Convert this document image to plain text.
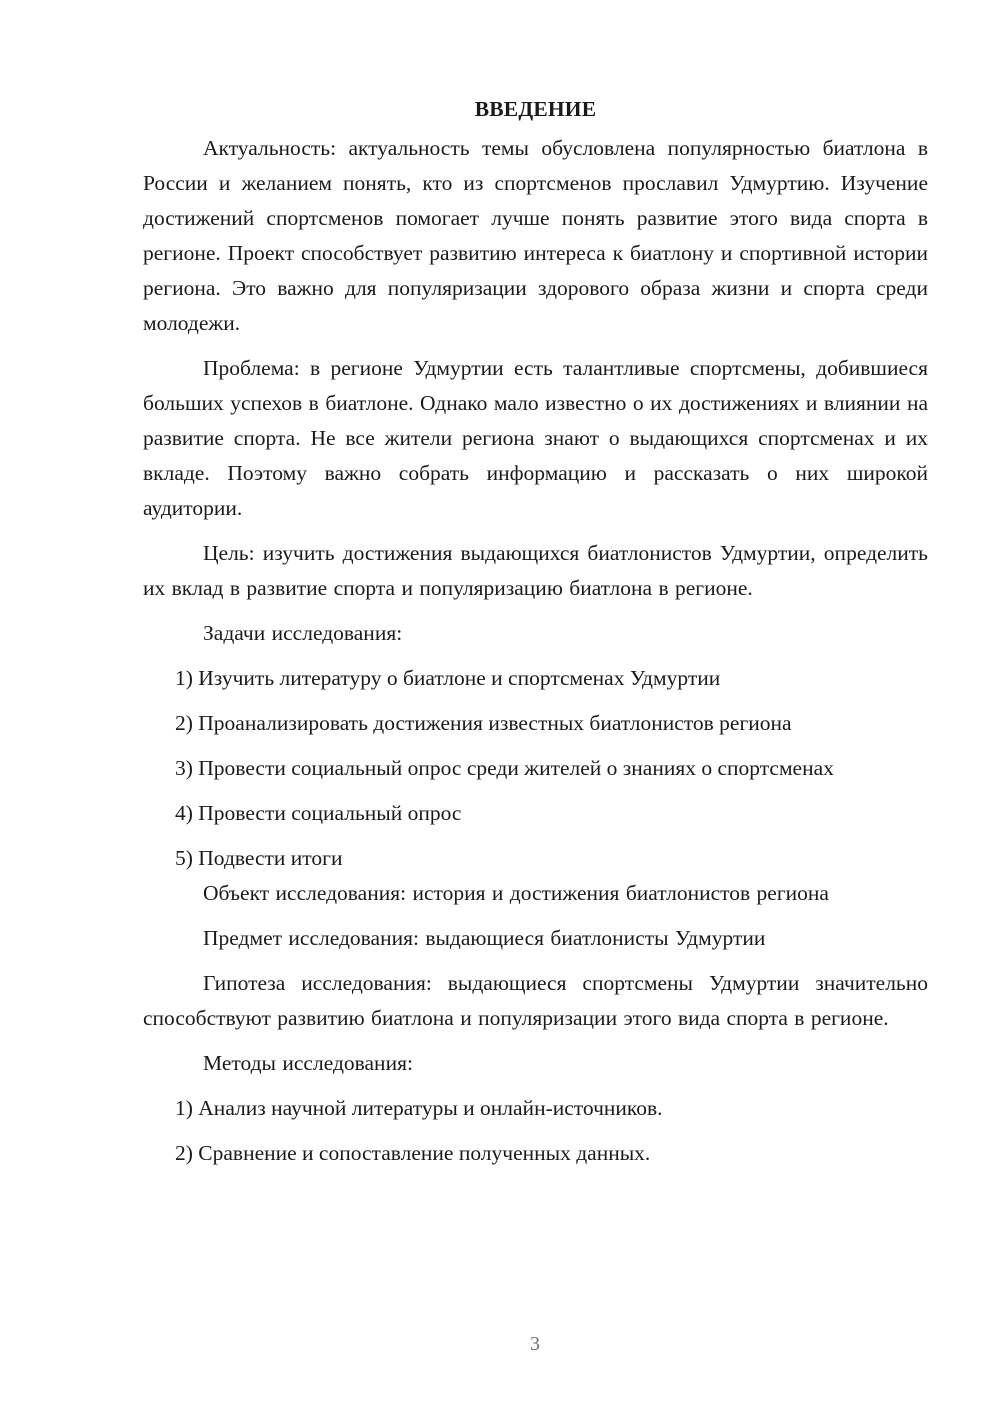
ВВЕДЕНИЕ

Актуальность: актуальность темы обусловлена популярностью биатлона в России и желанием понять, кто из спортсменов прославил Удмуртию. Изучение достижений спортсменов помогает лучше понять развитие этого вида спорта в регионе. Проект способствует развитию интереса к биатлону и спортивной истории региона. Это важно для популяризации здорового образа жизни и спорта среди молодежи.

Проблема: в регионе Удмуртии есть талантливые спортсмены, добившиеся больших успехов в биатлоне. Однако мало известно о их достижениях и влиянии на развитие спорта. Не все жители региона знают о выдающихся спортсменах и их вкладе. Поэтому важно собрать информацию и рассказать о них широкой аудитории.

Цель: изучить достижения выдающихся биатлонистов Удмуртии, определить их вклад в развитие спорта и популяризацию биатлона в регионе.

Задачи исследования:

1) Изучить литературу о биатлоне и спортсменах Удмуртии

2) Проанализировать достижения известных биатлонистов региона

3) Провести социальный опрос среди жителей о знаниях о спортсменах

4) Провести социальный опрос

5) Подвести итоги

Объект исследования: история и достижения биатлонистов региона

Предмет исследования: выдающиеся биатлонисты Удмуртии

Гипотеза исследования: выдающиеся спортсмены Удмуртии значительно способствуют развитию биатлона и популяризации этого вида спорта в регионе.

Методы исследования:

1) Анализ научной литературы и онлайн-источников.

2) Сравнение и сопоставление полученных данных.

3
